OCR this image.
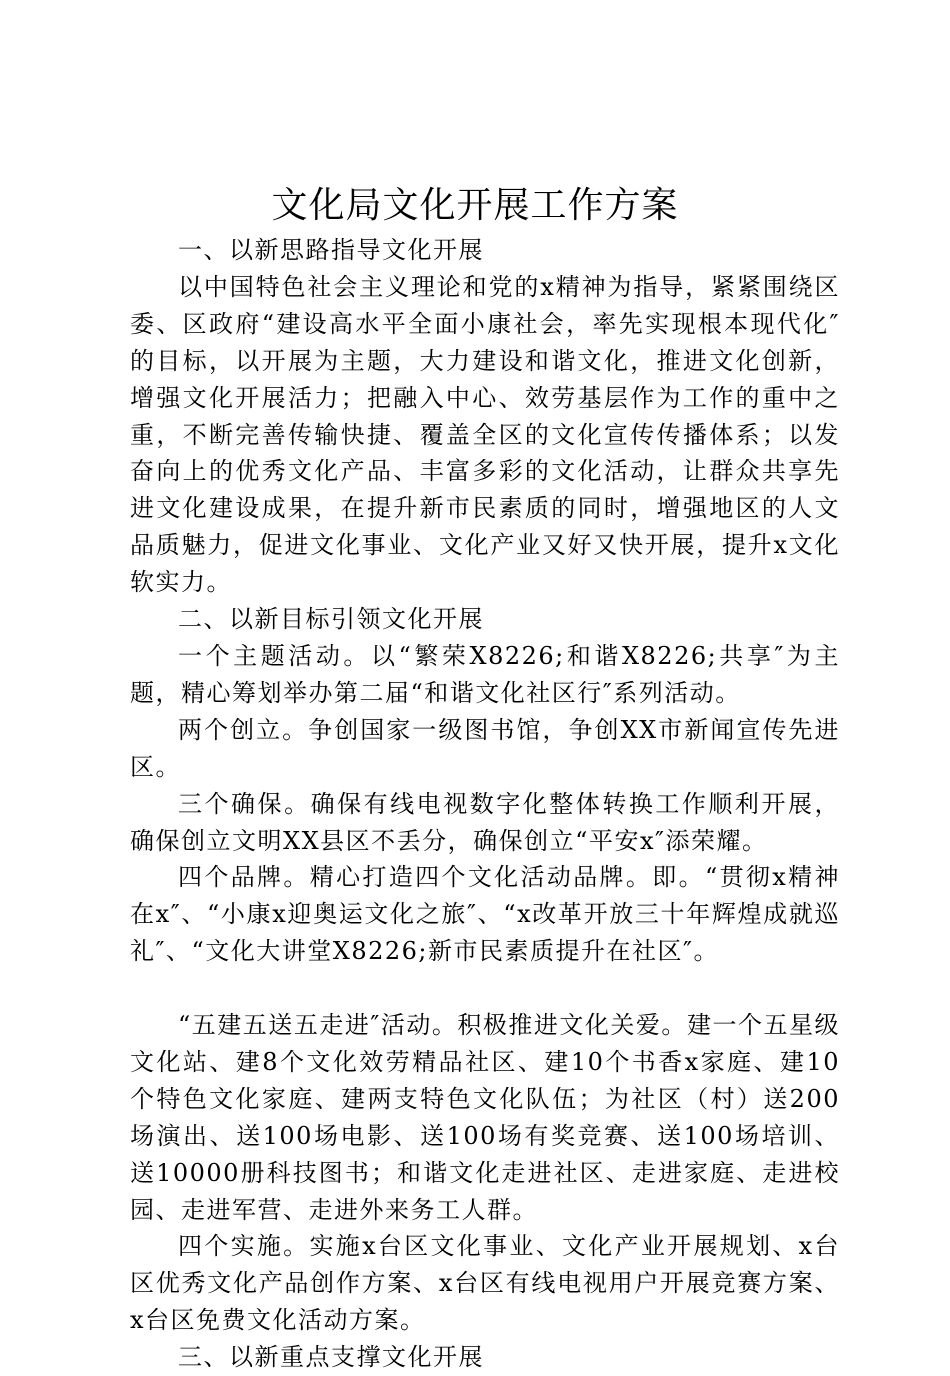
文化局文化开展工作方案

一、以新思路指导文化开展

以中国特色社会主义理论和党的x精神为指导，紧紧围绕区委、区政府“建设高水平全面小康社会，率先实现根本现代化″的目标，以开展为主题，大力建设和谐文化，推进文化创新，增强文化开展活力；把融入中心、效劳基层作为工作的重中之重，不断完善传输快捷、覆盖全区的文化宣传传播体系；以发奋向上的优秀文化产品、丰富多彩的文化活动，让群众共享先进文化建设成果，在提升新市民素质的同时，增强地区的人文品质魅力，促进文化事业、文化产业又好又快开展，提升x文化软实力。

二、以新目标引领文化开展

一个主题活动。以“繁荣X8226;和谐X8226;共享″为主题，精心筹划举办第二届“和谐文化社区行″系列活动。

两个创立。争创国家一级图书馆，争创XX市新闻宣传先进区。

三个确保。确保有线电视数字化整体转换工作顺利开展，确保创立文明XX县区不丢分，确保创立“平安x″添荣耀。

四个品牌。精心打造四个文化活动品牌。即。“贯彻x精神在x″、“小康x迎奥运文化之旅″、“x改革开放三十年辉煌成就巡礼″、“文化大讲堂X8226;新市民素质提升在社区″。

“五建五送五走进″活动。积极推进文化关爱。建一个五星级文化站、建8个文化效劳精品社区、建10个书香x家庭、建10个特色文化家庭、建两支特色文化队伍；为社区（村）送200场演出、送100场电影、送100场有奖竞赛、送100场培训、送10000册科技图书；和谐文化走进社区、走进家庭、走进校园、走进军营、走进外来务工人群。

四个实施。实施x台区文化事业、文化产业开展规划、x台区优秀文化产品创作方案、x台区有线电视用户开展竞赛方案、x台区免费文化活动方案。

三、以新重点支撑文化开展
